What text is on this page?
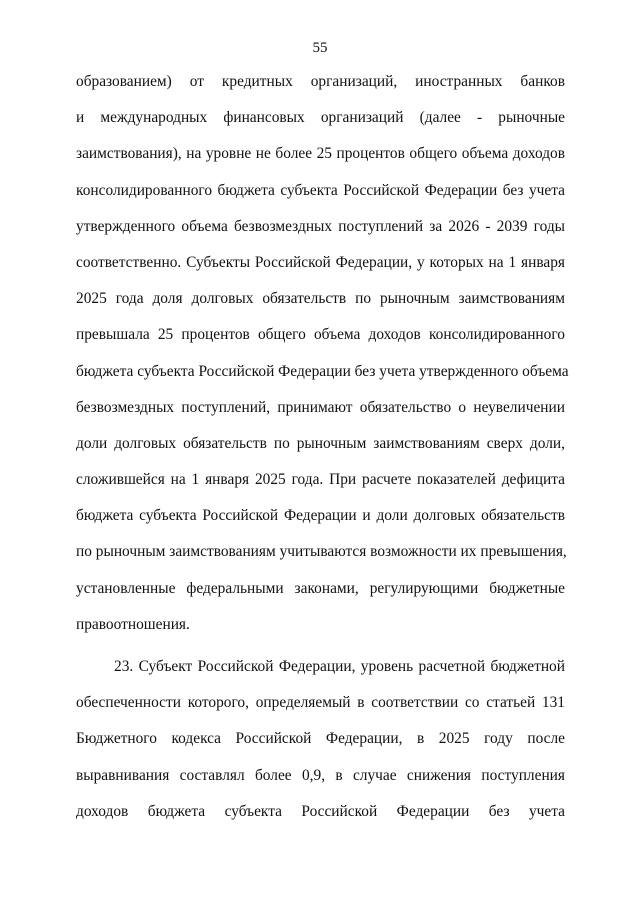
55
образованием) от кредитных организаций, иностранных банков
и международных финансовых организаций (далее - рыночные
заимствования), на уровне не более 25 процентов общего объема доходов
консолидированного бюджета субъекта Российской Федерации без учета
утвержденного объема безвозмездных поступлений за 2026 - 2039 годы
соответственно. Субъекты Российской Федерации, у которых на 1 января
2025 года доля долговых обязательств по рыночным заимствованиям
превышала 25 процентов общего объема доходов консолидированного
бюджета субъекта Российской Федерации без учета утвержденного объема
безвозмездных поступлений, принимают обязательство о неувеличении
доли долговых обязательств по рыночным заимствованиям сверх доли,
сложившейся на 1 января 2025 года. При расчете показателей дефицита
бюджета субъекта Российской Федерации и доли долговых обязательств
по рыночным заимствованиям учитываются возможности их превышения,
установленные федеральными законами, регулирующими бюджетные
правоотношения.
23. Субъект Российской Федерации, уровень расчетной бюджетной
обеспеченности которого, определяемый в соответствии со статьей 131
Бюджетного кодекса Российской Федерации, в 2025 году после
выравнивания составлял более 0,9, в случае снижения поступления
доходов бюджета субъекта Российской Федерации без учета
